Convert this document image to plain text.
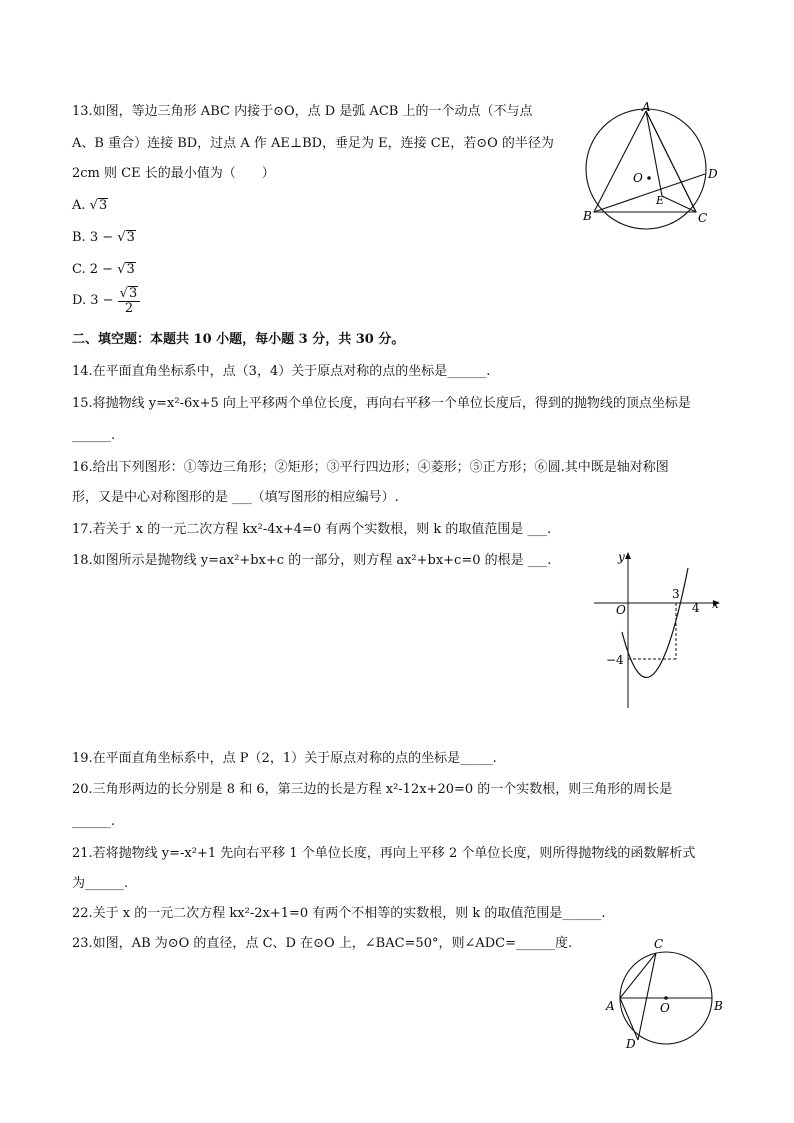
13.如图，等边三角形 ABC 内接于⊙O，点 D 是弧 ACB 上的一个动点（不与点
A、B 重合）连接 BD，过点 A 作 AE⊥BD，垂足为 E，连接 CE，若⊙O 的半径为
2cm 则 CE 长的最小值为（　　）
A. √3
B. 3 − √3
C. 2 − √3
D. $3 - \frac{√3}{2}$
A
B	C
D
E
O
二、填空题：本题共 10 小题，每小题 3 分，共 30 分。
14.在平面直角坐标系中，点（3，4）关于原点对称的点的坐标是______.
15.将抛物线 y=x²-6x+5 向上平移两个单位长度，再向右平移一个单位长度后，得到的抛物线的顶点坐标是
______.
16.给出下列图形：①等边三角形；②矩形；③平行四边形；④菱形；⑤正方形；⑥圆.其中既是轴对称图
形，又是中心对称图形的是 ___（填写图形的相应编号）.
17.若关于 x 的一元二次方程 kx²-4x+4=0 有两个实数根，则 k 的取值范围是 ___.
18.如图所示是抛物线 y=ax²+bx+c 的一部分，则方程 ax²+bx+c=0 的根是 ___.	y
x
O
3
4
−4
19.在平面直角坐标系中，点 P（2，1）关于原点对称的点的坐标是_____.
20.三角形两边的长分别是 8 和 6，第三边的长是方程 x²-12x+20=0 的一个实数根，则三角形的周长是
______.
21.若将抛物线 y=-x²+1 先向右平移 1 个单位长度，再向上平移 2 个单位长度，则所得抛物线的函数解析式
为______.
22.关于 x 的一元二次方程 kx²-2x+1=0 有两个不相等的实数根，则 k 的取值范围是______.
23.如图，AB 为⊙O 的直径，点 C、D 在⊙O 上，∠BAC=50°，则∠ADC=______度.	C
A	B
O
D
